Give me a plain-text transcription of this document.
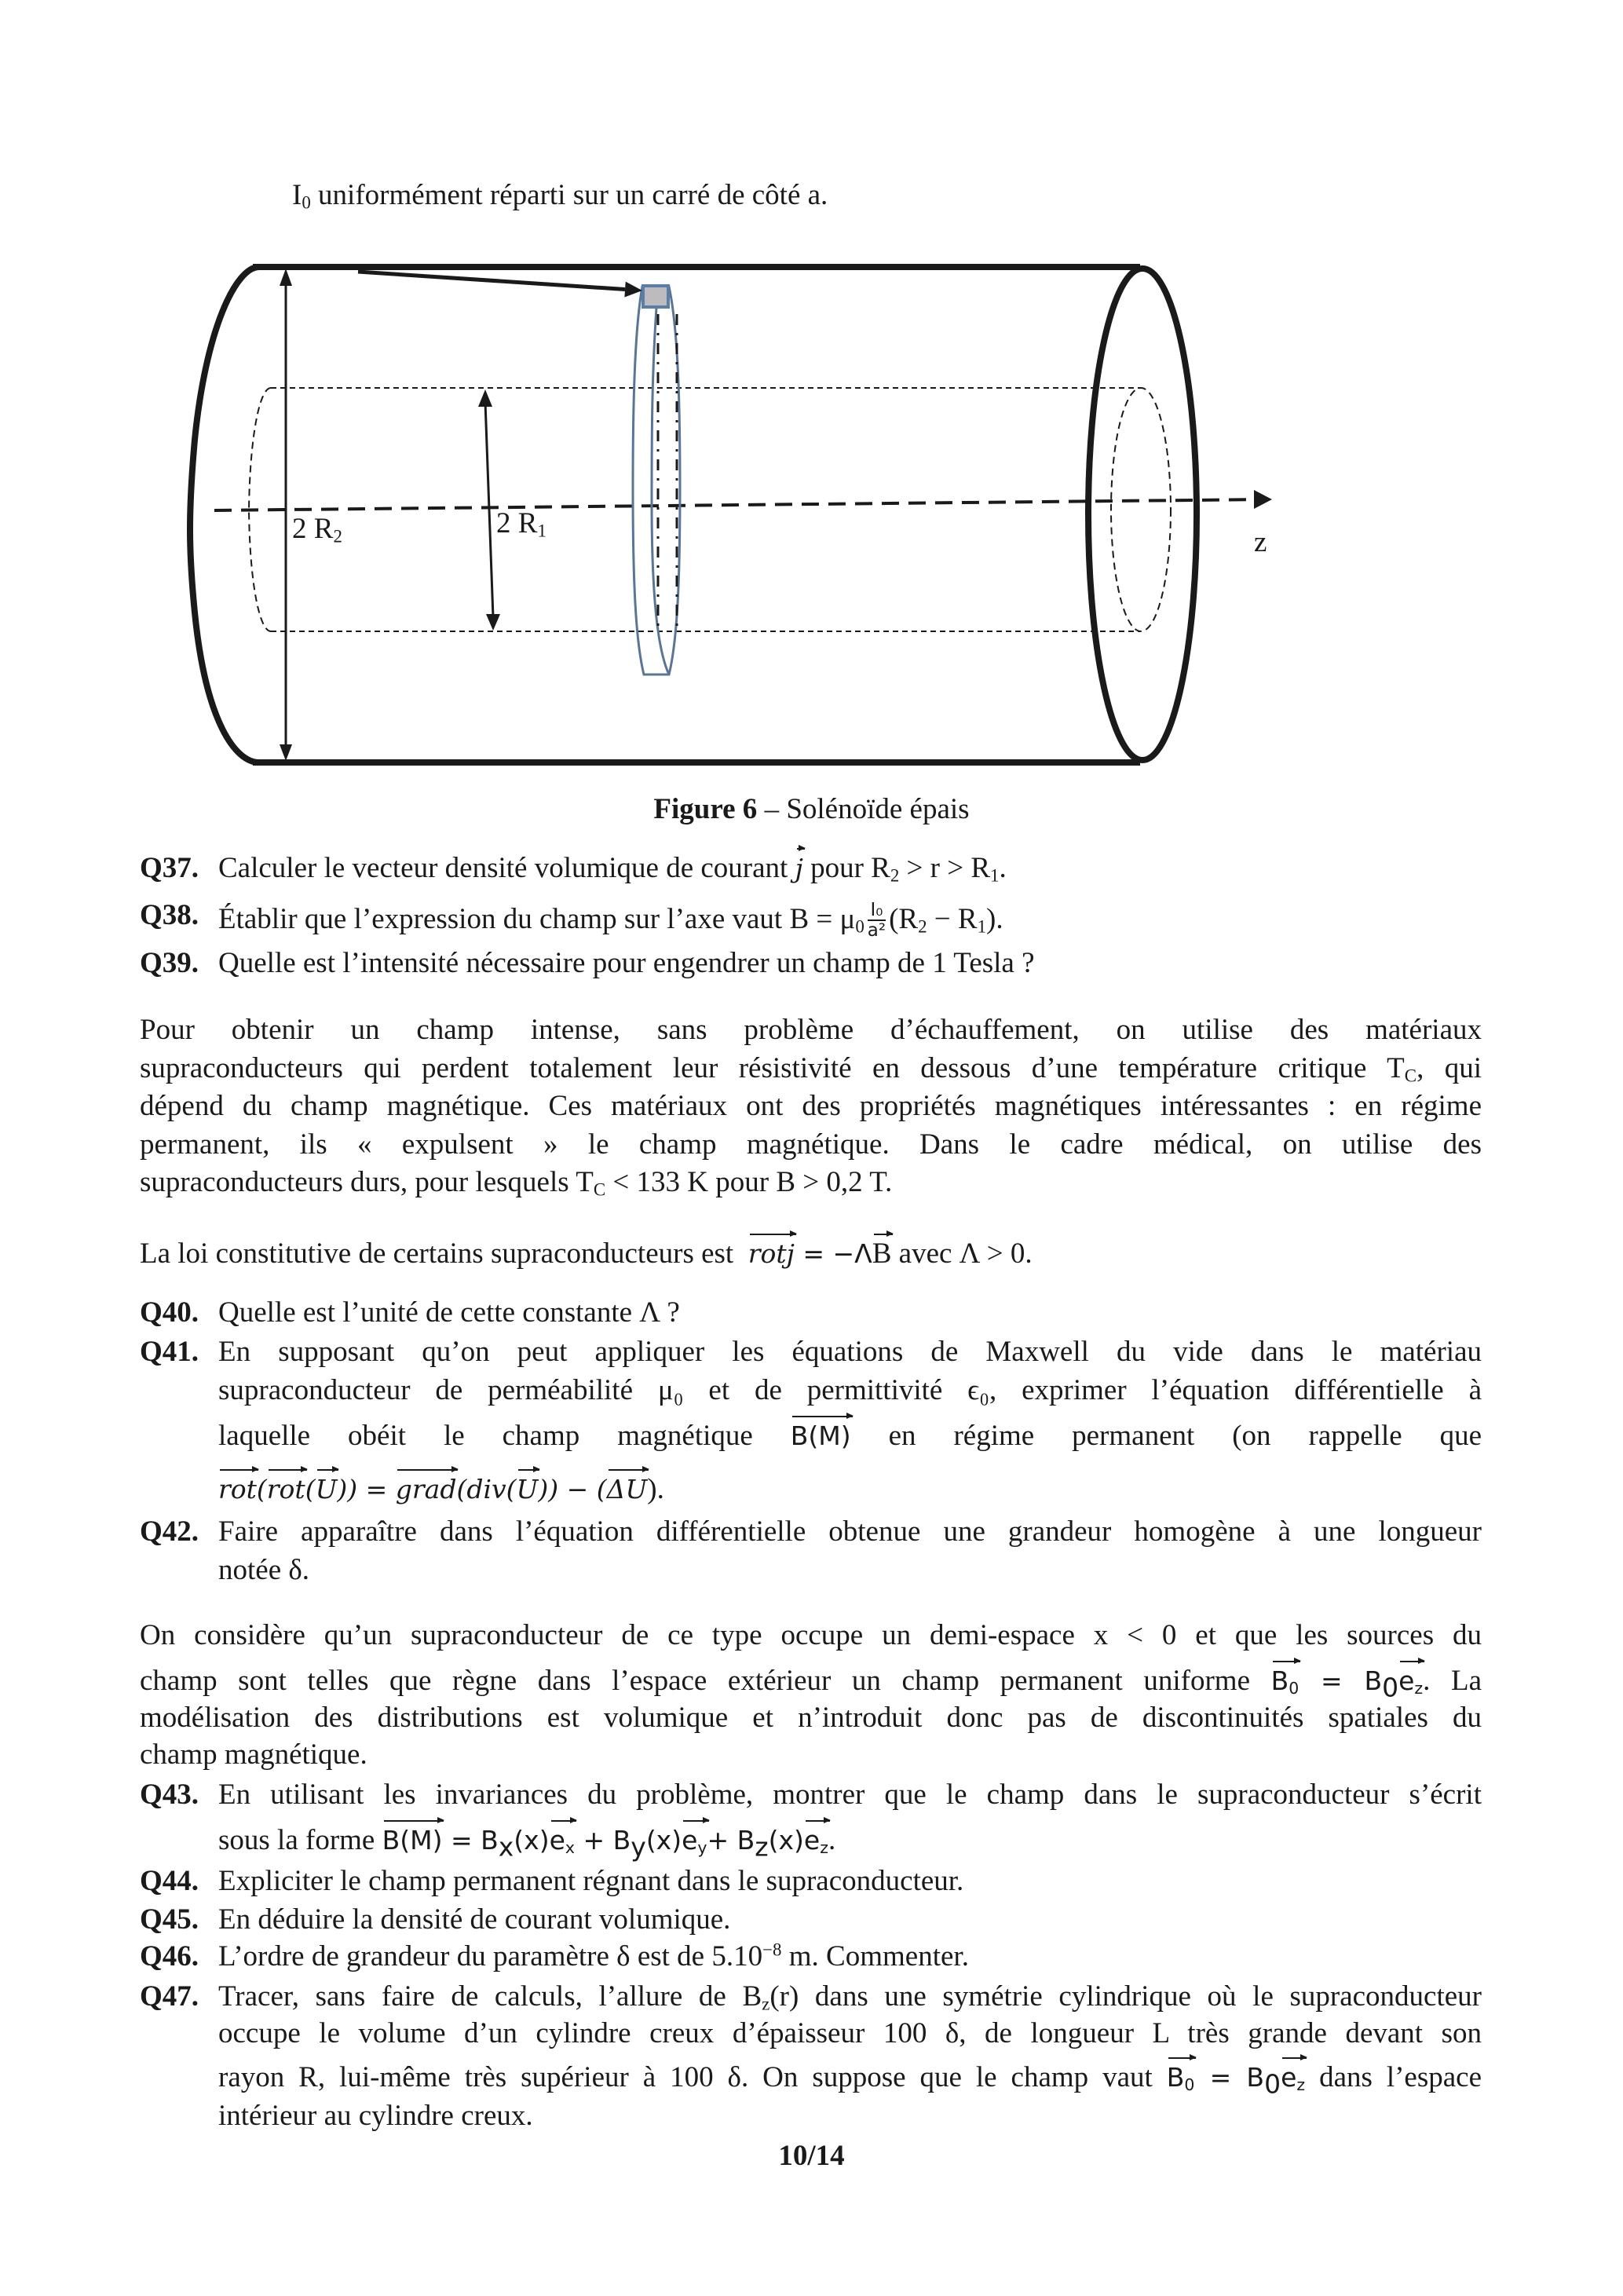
$I_0$ uniformément réparti sur un carré de côté a.
2 $R_2$	2 $R_1$	z
Figure 6 – Solénoïde épais
Q37. Calculer le vecteur densité volumique de courant j pour $R_2 > r > R_1$.
Q38. Établir que l’expression du champ sur l’axe vaut $B = \mu_0 \frac{\text{I₀}}{\text{a²}} (R_2 - R_1)$.
Q39. Quelle est l’intensité nécessaire pour engendrer un champ de 1 Tesla ?
Pour obtenir un champ intense, sans problème d’échauffement, on utilise des matériaux
supraconducteurs qui perdent totalement leur résistivité en dessous d’une température critique $T_C$, qui
dépend du champ magnétique. Ces matériaux ont des propriétés magnétiques intéressantes : en régime
permanent, ils « expulsent » le champ magnétique. Dans le cadre médical, on utilise des
supraconducteurs durs, pour lesquels $T_C < 133$ K pour B > 0,2 T.
La loi constitutive de certains supraconducteurs est rotj = −ΛB avec Λ > 0.
Q40. Quelle est l’unité de cette constante Λ ?
Q41. En supposant qu’on peut appliquer les équations de Maxwell du vide dans le matériau
supraconducteur de perméabilité μ₀ et de permittivité ϵ₀, exprimer l’équation différentielle à
laquelle obéit le champ magnétique B(M) en régime permanent (on rappelle que
rot(rot(U)) = grad(div(U)) − (ΔU).
Q42. Faire apparaître dans l’équation différentielle obtenue une grandeur homogène à une longueur
notée δ.
On considère qu’un supraconducteur de ce type occupe un demi-espace x < 0 et que les sources du
champ sont telles que règne dans l’espace extérieur un champ permanent uniforme $B_0 = B_0e_z$. La
modélisation des distributions est volumique et n’introduit donc pas de discontinuités spatiales du
champ magnétique.
Q43. En utilisant les invariances du problème, montrer que le champ dans le supraconducteur s’écrit
sous la forme $B(M) = B_x(x)e_x + B_y(x)e_y+ B_z(x)e_z$.
Q44. Expliciter le champ permanent régnant dans le supraconducteur.
Q45. En déduire la densité de courant volumique.
Q46. L’ordre de grandeur du paramètre δ est de $5.10^{-8}$ m. Commenter.
Q47. Tracer, sans faire de calculs, l’allure de $B_z(r)$ dans une symétrie cylindrique où le supraconducteur
occupe le volume d’un cylindre creux d’épaisseur 100 δ, de longueur L très grande devant son
rayon R, lui-même très supérieur à 100 δ. On suppose que le champ vaut $B_0 = B_0e_z$ dans l’espace
intérieur au cylindre creux.
10/14
